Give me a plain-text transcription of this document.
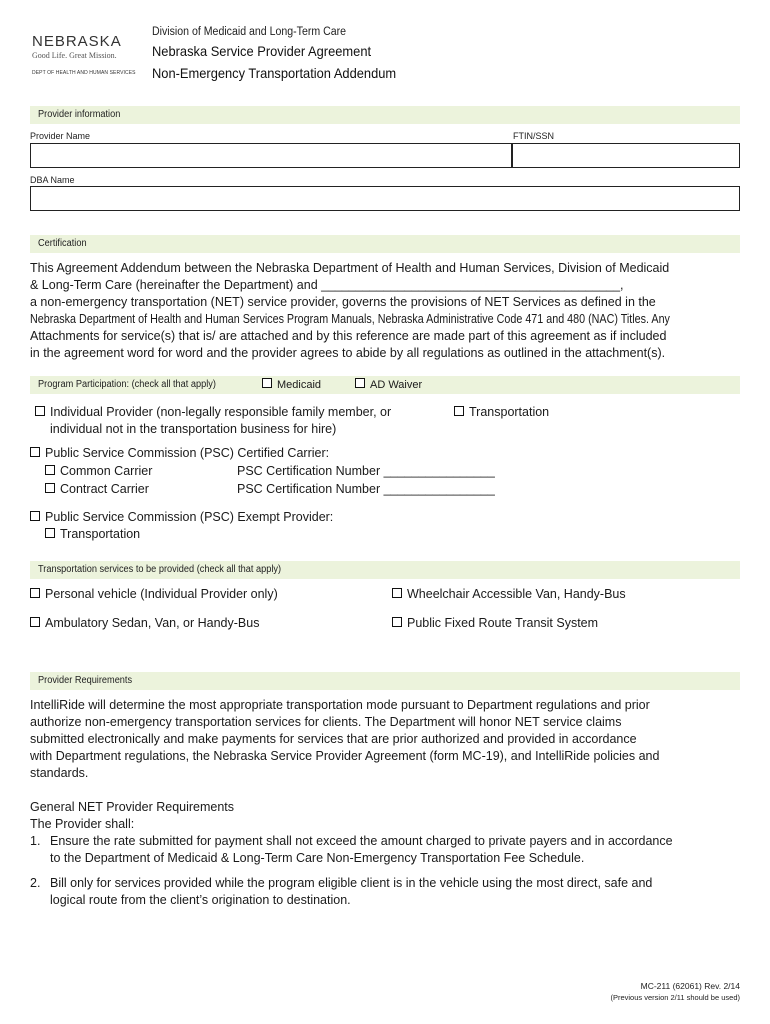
NEBRASKA
Good Life. Great Mission.
DEPT OF HEALTH AND HUMAN SERVICES
Division of Medicaid and Long-Term Care
Nebraska Service Provider Agreement
Non-Emergency Transportation Addendum
Provider information
Provider Name	FTIN/SSN
DBA Name
Certification
This Agreement Addendum between the Nebraska Department of Health and Human Services, Division of Medicaid
& Long-Term Care (hereinafter the Department) and ___________________________________________,
a non-emergency transportation (NET) service provider, governs the provisions of NET Services as defined in the
Nebraska Department of Health and Human Services Program Manuals, Nebraska Administrative Code 471 and 480 (NAC) Titles. Any
Attachments for service(s) that is/ are attached and by this reference are made part of this agreement as if included
in the agreement word for word and the provider agrees to abide by all regulations as outlined in the attachment(s).
Program Participation: (check all that apply)	Medicaid	AD Waiver
Individual Provider (non-legally responsible family member, or
individual not in the transportation business for hire)
Transportation
Public Service Commission (PSC) Certified Carrier:
Common Carrier	PSC Certification Number ________________
Contract Carrier	PSC Certification Number ________________
Public Service Commission (PSC) Exempt Provider:
Transportation
Transportation services to be provided (check all that apply)
Personal vehicle (Individual Provider only)	Wheelchair Accessible Van, Handy-Bus
Ambulatory Sedan, Van, or Handy-Bus	Public Fixed Route Transit System
Provider Requirements
IntelliRide will determine the most appropriate transportation mode pursuant to Department regulations and prior
authorize non-emergency transportation services for clients. The Department will honor NET service claims
submitted electronically and make payments for services that are prior authorized and provided in accordance
with Department regulations, the Nebraska Service Provider Agreement (form MC-19), and IntelliRide policies and
standards.
General NET Provider Requirements
The Provider shall:
1. Ensure the rate submitted for payment shall not exceed the amount charged to private payers and in accordance
to the Department of Medicaid & Long-Term Care Non-Emergency Transportation Fee Schedule.
2. Bill only for services provided while the program eligible client is in the vehicle using the most direct, safe and
logical route from the client’s origination to destination.
MC-211 (62061) Rev. 2/14
(Previous version 2/11 should be used)
